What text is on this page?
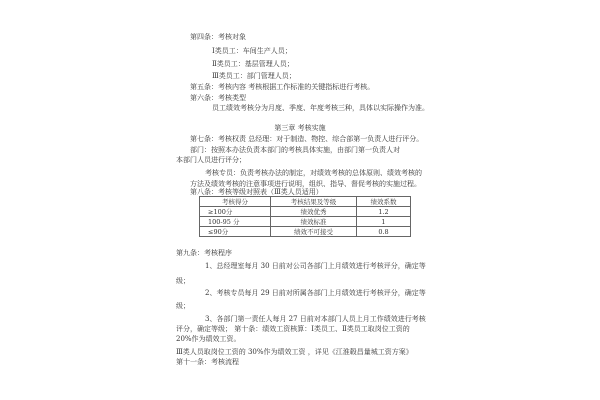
第四条：考核对象
Ⅰ类员工：车间生产人员；
Ⅱ类员工：基层管理人员；
Ⅲ类员工：部门管理人员；
第五条：考核内容 考核根据工作标准的关键指标进行考核。
第六条：考核类型
员工绩效考核分为月度、季度、年度考核三种，具体以实际操作为准。
第三章 考核实施
第七条：考核权责 总经理：对于制造、物控、综合部第一负责人进行评分。
部门：按照本办法负责本部门的考核具体实施，由部门第一负责人对
本部门人员进行评分；
考核专员：负责考核办法的制定，对绩效考核的总体原则、绩效考核的
方法及绩效考核的注意事项进行说明，组织、指导、督促考核的实施过程。
第八条：考核等级对照表（Ⅲ类人员适用）
考核得分	考核结果及等级	绩效系数
≥100分	绩效优秀	1.2
100-95 分	绩效标准	1
≤90分	绩效不可接受	0.8
第九条：考核程序
1、总经理室每月 30 日前对公司各部门上月绩效进行考核评分，确定等
级；
2、考核专员每月 29 日前对所属各部门上月绩效进行考核评分，确定等
级；
3、各部门第一责任人每月 27 日前对本部门人员上月工作绩效进行考核
评分，确定等级； 第十条：绩效工资核算：Ⅰ类员工、Ⅱ类员工取岗位工资的
20%作为绩效工资。
Ⅲ类人员取岗位工资的 30%作为绩效工资 ，详见《江淮毂昌量城工资方案》
第十一条：考核流程
